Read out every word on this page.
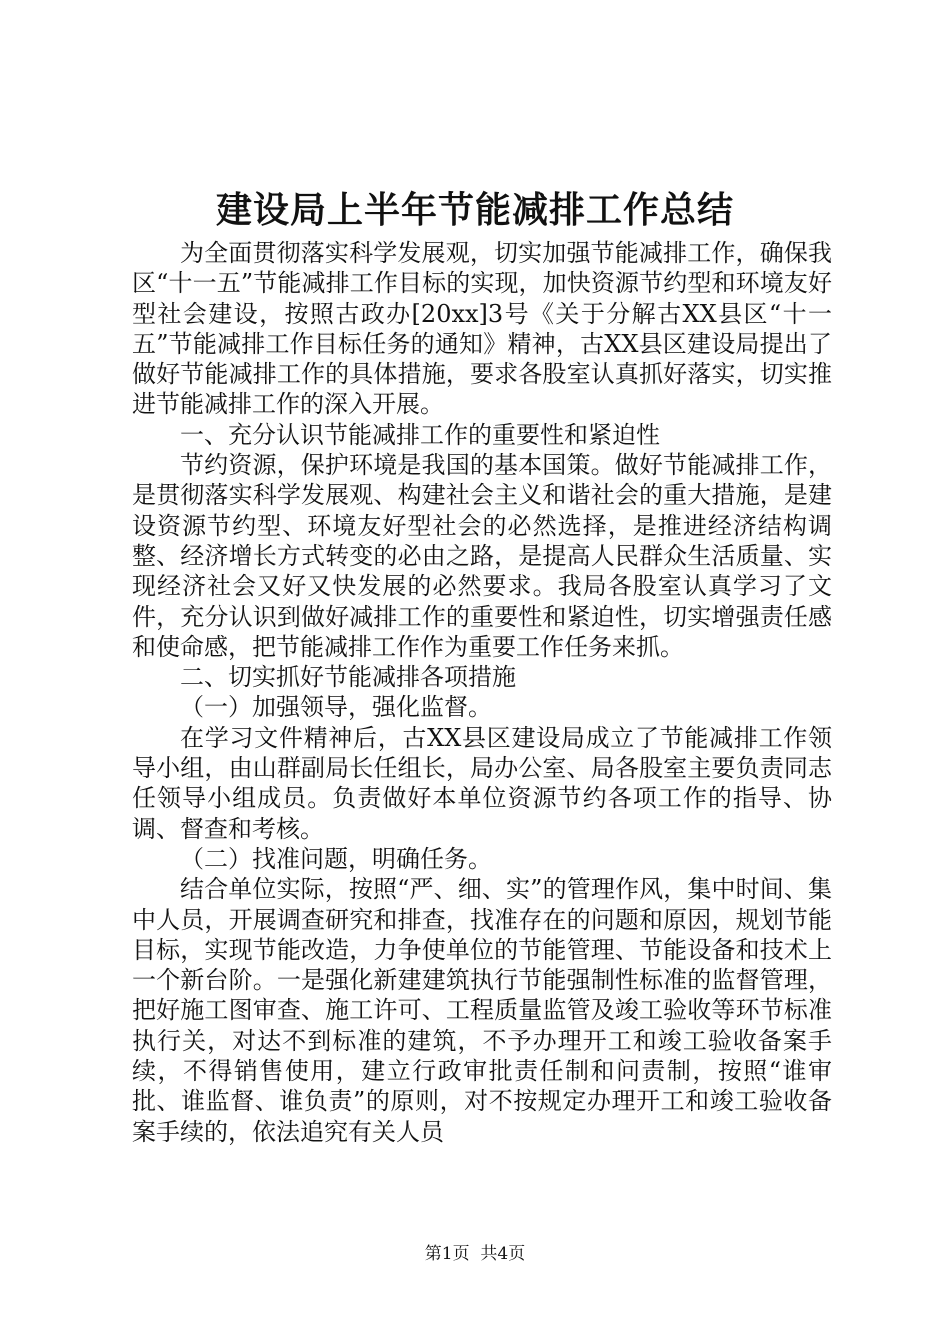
建设局上半年节能减排工作总结

为全面贯彻落实科学发展观，切实加强节能减排工作，确保我区“十一五”节能减排工作目标的实现，加快资源节约型和环境友好型社会建设，按照古政办[20xx]3号《关于分解古XX县区“十一五”节能减排工作目标任务的通知》精神，古XX县区建设局提出了做好节能减排工作的具体措施，要求各股室认真抓好落实，切实推进节能减排工作的深入开展。

一、充分认识节能减排工作的重要性和紧迫性

节约资源，保护环境是我国的基本国策。做好节能减排工作，是贯彻落实科学发展观、构建社会主义和谐社会的重大措施，是建设资源节约型、环境友好型社会的必然选择，是推进经济结构调整、经济增长方式转变的必由之路，是提高人民群众生活质量、实现经济社会又好又快发展的必然要求。我局各股室认真学习了文件，充分认识到做好减排工作的重要性和紧迫性，切实增强责任感和使命感，把节能减排工作作为重要工作任务来抓。

二、切实抓好节能减排各项措施

（一）加强领导，强化监督。

在学习文件精神后，古XX县区建设局成立了节能减排工作领导小组，由山群副局长任组长，局办公室、局各股室主要负责同志任领导小组成员。负责做好本单位资源节约各项工作的指导、协调、督查和考核。

（二）找准问题，明确任务。

结合单位实际，按照“严、细、实”的管理作风，集中时间、集中人员，开展调查研究和排查，找准存在的问题和原因，规划节能目标，实现节能改造，力争使单位的节能管理、节能设备和技术上一个新台阶。一是强化新建建筑执行节能强制性标准的监督管理，把好施工图审查、施工许可、工程质量监管及竣工验收等环节标准执行关，对达不到标准的建筑，不予办理开工和竣工验收备案手续，不得销售使用，建立行政审批责任制和问责制，按照“谁审批、谁监督、谁负责”的原则，对不按规定办理开工和竣工验收备案手续的，依法追究有关人员

第1页  共4页
